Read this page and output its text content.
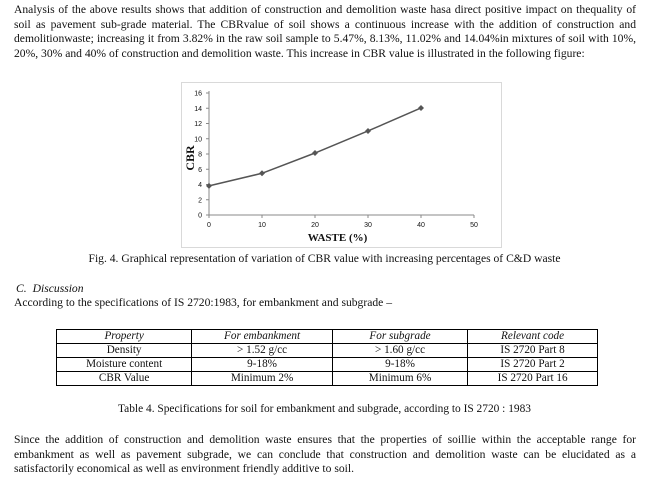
Analysis of the above results shows that addition of construction and demolition waste hasa direct positive impact on thequality of soil as pavement sub-grade material. The CBRvalue of soil shows a continuous increase with the addition of construction and demolitionwaste; increasing it from 3.82% in the raw soil sample to 5.47%, 8.13%, 11.02% and 14.04%in mixtures of soil with 10%, 20%, 30% and 40% of construction and demolition waste. This increase in CBR value is illustrated in the following figure:

0
2
4
6
8
10
12
14
16
0	10	20	30	40	50
WASTE (%)
CBR
Fig. 4. Graphical representation of variation of CBR value with increasing percentages of C&D waste
C. Discussion

According to the specifications of IS 2720:1983, for embankment and subgrade –

Property	For embankment	For subgrade	Relevant code
Density	> 1.52 g/cc	> 1.60 g/cc	IS 2720 Part 8
Moisture content	9-18%	9-18%	IS 2720 Part 2
CBR Value	Minimum 2%	Minimum 6%	IS 2720 Part 16
Table 4. Specifications for soil for embankment and subgrade, according to IS 2720 : 1983

Since the addition of construction and demolition waste ensures that the properties of soillie within the acceptable range for embankment as well as pavement subgrade, we can conclude that construction and demolition waste can be elucidated as a satisfactorily economical as well as environment friendly additive to soil.
